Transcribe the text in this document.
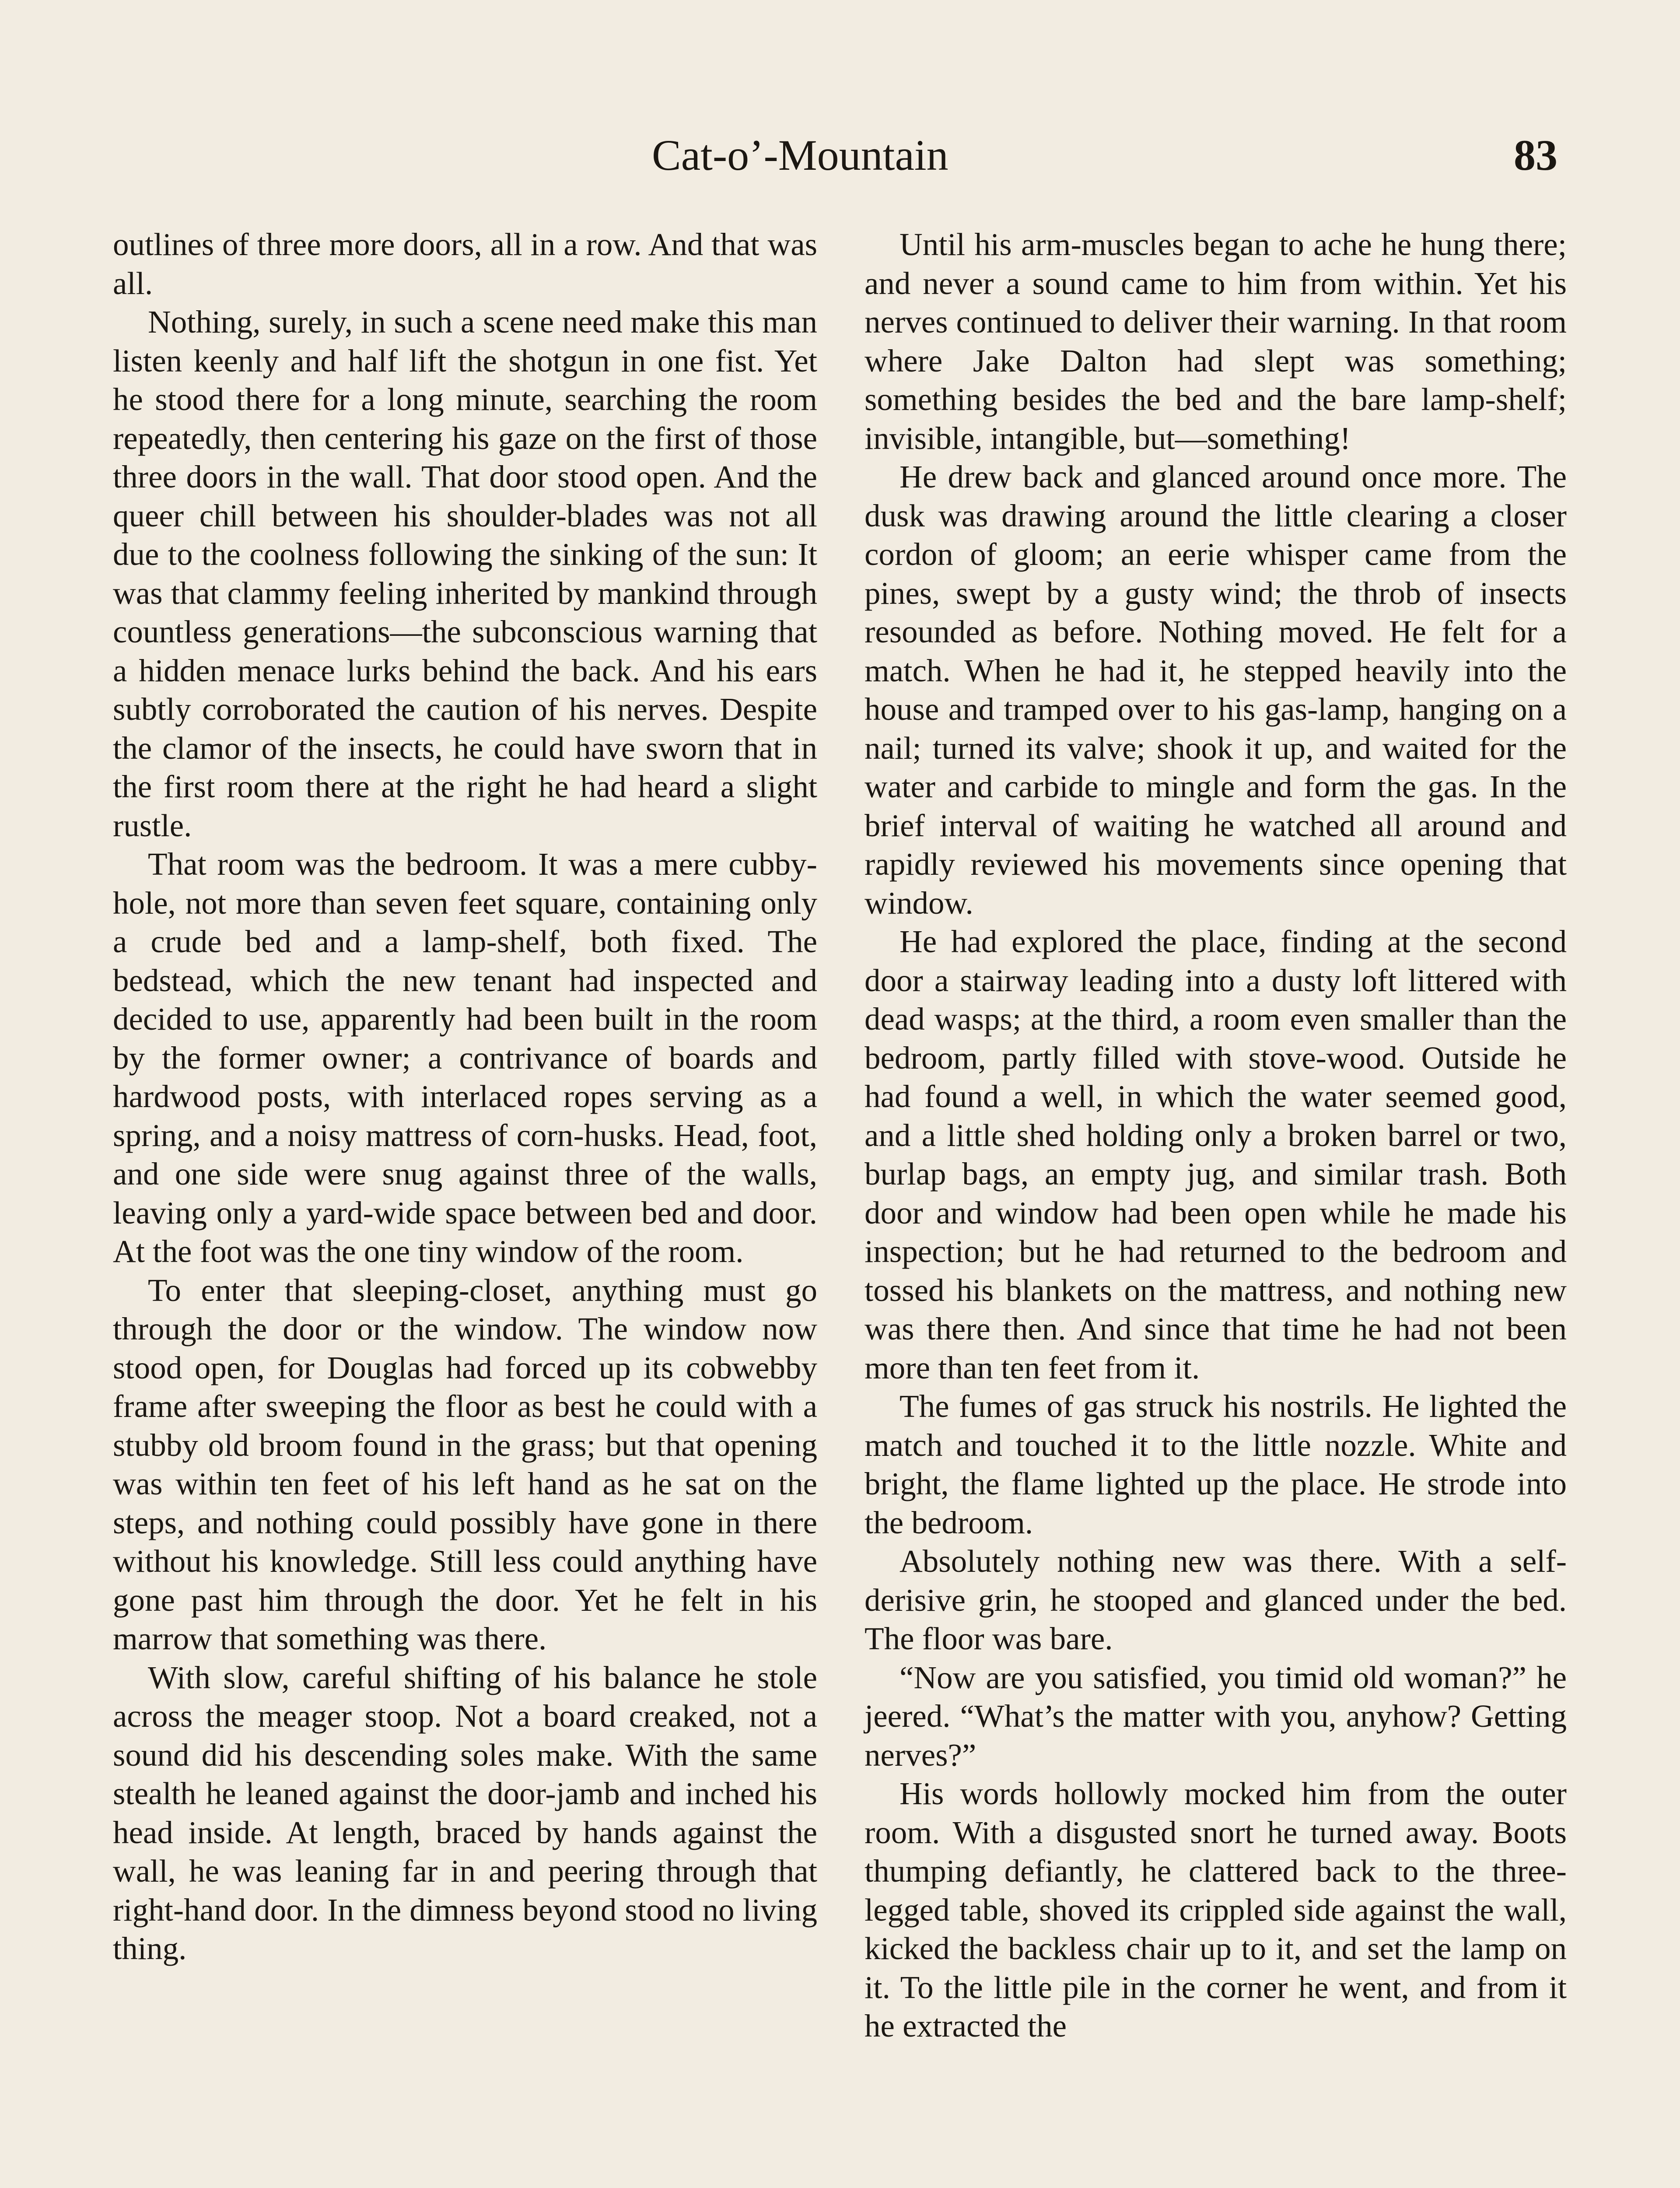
Cat-o’-Mountain	83

outlines of three more doors, all in a row. And that was all.

Nothing, surely, in such a scene need make this man listen keenly and half lift the shotgun in one fist. Yet he stood there for a long minute, searching the room repeatedly, then centering his gaze on the first of those three doors in the wall. That door stood open. And the queer chill between his shoulder-blades was not all due to the coolness following the sinking of the sun: It was that clammy feeling inherited by mankind through countless generations—the subconscious warning that a hidden menace lurks behind the back. And his ears subtly corroborated the caution of his nerves. Despite the clamor of the insects, he could have sworn that in the first room there at the right he had heard a slight rustle.

That room was the bedroom. It was a mere cubby-hole, not more than seven feet square, containing only a crude bed and a lamp-shelf, both fixed. The bedstead, which the new tenant had inspected and decided to use, apparently had been built in the room by the former owner; a contrivance of boards and hardwood posts, with interlaced ropes serving as a spring, and a noisy mattress of corn-husks. Head, foot, and one side were snug against three of the walls, leaving only a yard-wide space between bed and door. At the foot was the one tiny window of the room.

To enter that sleeping-closet, anything must go through the door or the window. The window now stood open, for Douglas had forced up its cobwebby frame after sweeping the floor as best he could with a stubby old broom found in the grass; but that opening was within ten feet of his left hand as he sat on the steps, and nothing could possibly have gone in there without his knowledge. Still less could anything have gone past him through the door. Yet he felt in his marrow that something was there.

With slow, careful shifting of his balance he stole across the meager stoop. Not a board creaked, not a sound did his descending soles make. With the same stealth he leaned against the door-jamb and inched his head inside. At length, braced by hands against the wall, he was leaning far in and peering through that right-hand door. In the dimness beyond stood no living thing.

Until his arm-muscles began to ache he hung there; and never a sound came to him from within. Yet his nerves continued to deliver their warning. In that room where Jake Dalton had slept was something; something besides the bed and the bare lamp-shelf; invisible, intangible, but—something!

He drew back and glanced around once more. The dusk was drawing around the little clearing a closer cordon of gloom; an eerie whisper came from the pines, swept by a gusty wind; the throb of insects resounded as before. Nothing moved. He felt for a match. When he had it, he stepped heavily into the house and tramped over to his gas-lamp, hanging on a nail; turned its valve; shook it up, and waited for the water and carbide to mingle and form the gas. In the brief interval of waiting he watched all around and rapidly reviewed his movements since opening that window.

He had explored the place, finding at the second door a stairway leading into a dusty loft littered with dead wasps; at the third, a room even smaller than the bedroom, partly filled with stove-wood. Outside he had found a well, in which the water seemed good, and a little shed holding only a broken barrel or two, burlap bags, an empty jug, and similar trash. Both door and window had been open while he made his inspection; but he had returned to the bedroom and tossed his blankets on the mattress, and nothing new was there then. And since that time he had not been more than ten feet from it.

The fumes of gas struck his nostrils. He lighted the match and touched it to the little nozzle. White and bright, the flame lighted up the place. He strode into the bedroom.

Absolutely nothing new was there. With a self-derisive grin, he stooped and glanced under the bed. The floor was bare.

“Now are you satisfied, you timid old woman?” he jeered. “What’s the matter with you, anyhow? Getting nerves?”

His words hollowly mocked him from the outer room. With a disgusted snort he turned away. Boots thumping defiantly, he clattered back to the three-legged table, shoved its crippled side against the wall, kicked the backless chair up to it, and set the lamp on it. To the little pile in the corner he went, and from it he extracted the
